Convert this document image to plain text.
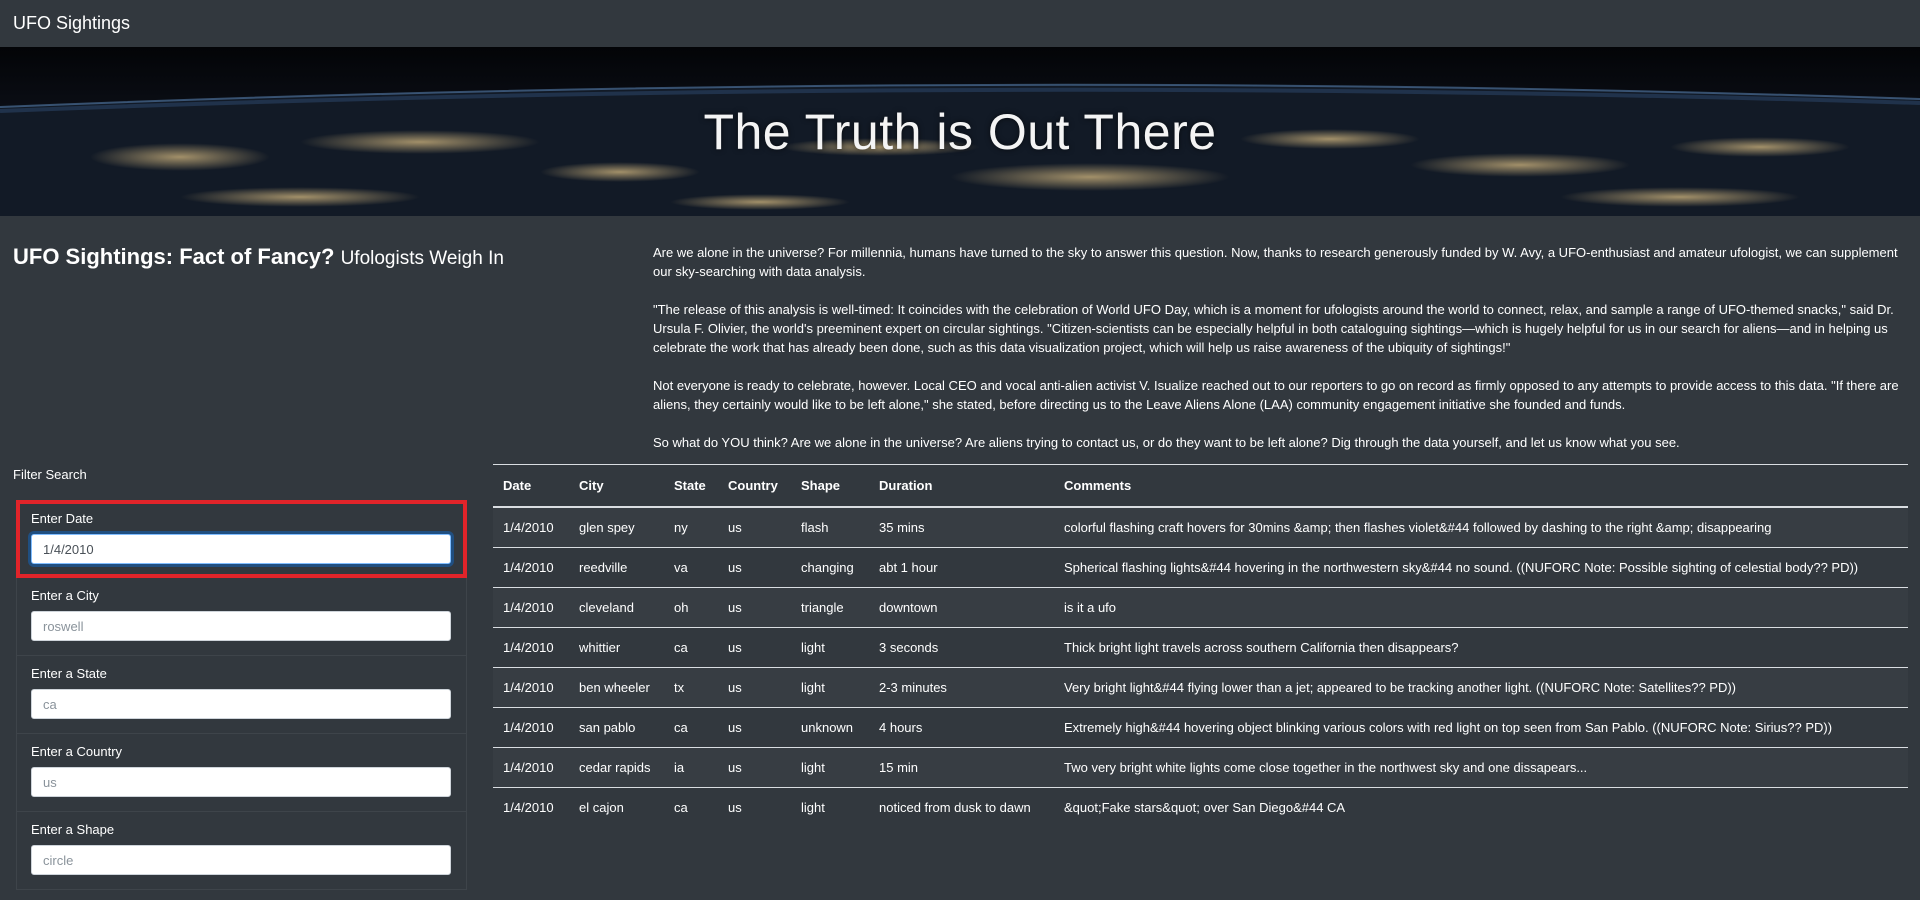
UFO Sightings
The Truth is Out There
UFO Sightings: Fact of Fancy? Ufologists Weigh In	Are we alone in the universe? For millennia, humans have turned to the sky to answer this question. Now, thanks to research generously funded by W. Avy, a UFO-enthusiast and amateur ufologist, we can supplement our sky-searching with data analysis.

"The release of this analysis is well-timed: It coincides with the celebration of World UFO Day, which is a moment for ufologists around the world to connect, relax, and sample a range of UFO-themed snacks," said Dr. Ursula F. Olivier, the world's preeminent expert on circular sightings. "Citizen-scientists can be especially helpful in both cataloguing sightings—which is hugely helpful for us in our search for aliens—and in helping us celebrate the work that has already been done, such as this data visualization project, which will help us raise awareness of the ubiquity of sightings!"

Not everyone is ready to celebrate, however. Local CEO and vocal anti-alien activist V. Isualize reached out to our reporters to go on record as firmly opposed to any attempts to provide access to this data. "If there are aliens, they certainly would like to be left alone," she stated, before directing us to the Leave Aliens Alone (LAA) community engagement initiative she founded and funds.

So what do YOU think? Are we alone in the universe? Are aliens trying to contact us, or do they want to be left alone? Dig through the data yourself, and let us know what you see.

Filter Search
Enter Date
1/4/2010
Enter a City
roswell
Enter a State
ca
Enter a Country
us
Enter a Shape
circle
Date	City	State	Country	Shape	Duration	Comments
1/4/2010	glen spey	ny	us	flash	35 mins	colorful flashing craft hovers for 30mins &amp; then flashes violet&#44 followed by dashing to the right &amp; disappearing
1/4/2010	reedville	va	us	changing	abt 1 hour	Spherical flashing lights&#44 hovering in the northwestern sky&#44 no sound. ((NUFORC Note: Possible sighting of celestial body?? PD))
1/4/2010	cleveland	oh	us	triangle	downtown	is it a ufo
1/4/2010	whittier	ca	us	light	3 seconds	Thick bright light travels across southern California then disappears?
1/4/2010	ben wheeler	tx	us	light	2-3 minutes	Very bright light&#44 flying lower than a jet; appeared to be tracking another light. ((NUFORC Note: Satellites?? PD))
1/4/2010	san pablo	ca	us	unknown	4 hours	Extremely high&#44 hovering object blinking various colors with red light on top seen from San Pablo. ((NUFORC Note: Sirius?? PD))
1/4/2010	cedar rapids	ia	us	light	15 min	Two very bright white lights come close together in the northwest sky and one dissapears...
1/4/2010	el cajon	ca	us	light	noticed from dusk to dawn	&quot;Fake stars&quot; over San Diego&#44 CA
